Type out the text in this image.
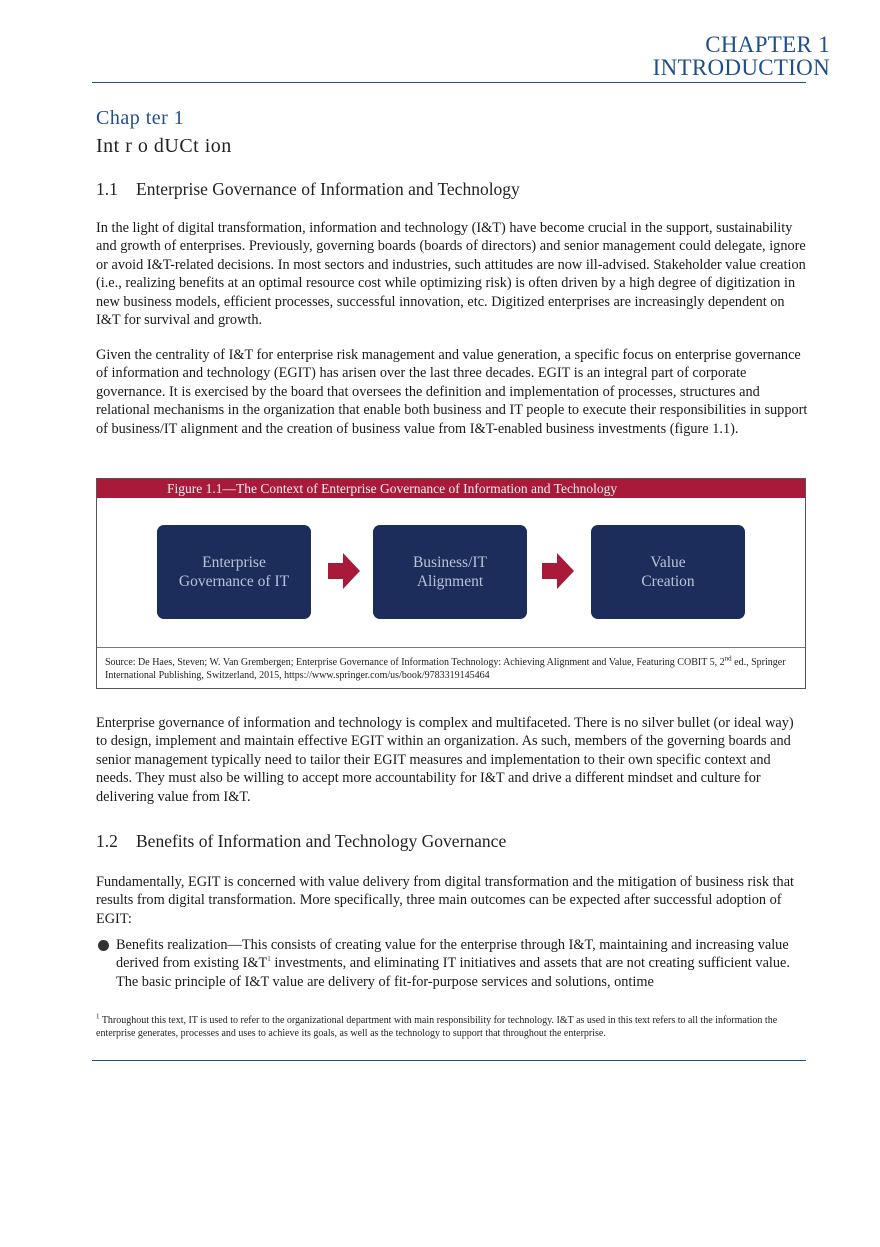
CHAPTER 1
INTRODUCTION
Chap ter 1
Int r o dUCt ion
1.1 Enterprise Governance of Information and Technology
In the light of digital transformation, information and technology (I&T) have become crucial in the support, sustainability and growth of enterprises. Previously, governing boards (boards of directors) and senior management could delegate, ignore or avoid I&T-related decisions. In most sectors and industries, such attitudes are now ill-advised. Stakeholder value creation (i.e., realizing benefits at an optimal resource cost while optimizing risk) is often driven by a high degree of digitization in new business models, efficient processes, successful innovation, etc. Digitized enterprises are increasingly dependent on I&T for survival and growth.
Given the centrality of I&T for enterprise risk management and value generation, a specific focus on enterprise governance of information and technology (EGIT) has arisen over the last three decades. EGIT is an integral part of corporate governance. It is exercised by the board that oversees the definition and implementation of processes, structures and relational mechanisms in the organization that enable both business and IT people to execute their responsibilities in support of business/IT alignment and the creation of business value from I&T-enabled business investments (figure 1.1).
Figure 1.1—The Context of Enterprise Governance of Information and Technology
Enterprise
Governance of IT
Business/IT
Alignment
Value
Creation
Source: De Haes, Steven; W. Van Grembergen; Enterprise Governance of Information Technology: Achieving Alignment and Value, Featuring COBIT 5, 2nd ed., Springer International Publishing, Switzerland, 2015, https://www.springer.com/us/book/9783319145464
Enterprise governance of information and technology is complex and multifaceted. There is no silver bullet (or ideal way) to design, implement and maintain effective EGIT within an organization. As such, members of the governing boards and senior management typically need to tailor their EGIT measures and implementation to their own specific context and needs. They must also be willing to accept more accountability for I&T and drive a different mindset and culture for delivering value from I&T.
1.2 Benefits of Information and Technology Governance
Fundamentally, EGIT is concerned with value delivery from digital transformation and the mitigation of business risk that results from digital transformation. More specifically, three main outcomes can be expected after successful adoption of EGIT:
Benefits realization—This consists of creating value for the enterprise through I&T, maintaining and increasing value derived from existing $I\&T^1$ investments, and eliminating IT initiatives and assets that are not creating sufficient value. The basic principle of I&T value are delivery of fit-for-purpose services and solutions, ontime
$^1$ Throughout this text, IT is used to refer to the organizational department with main responsibility for technology. I&T as used in this text refers to all the information the enterprise generates, processes and uses to achieve its goals, as well as the technology to support that throughout the enterprise.
